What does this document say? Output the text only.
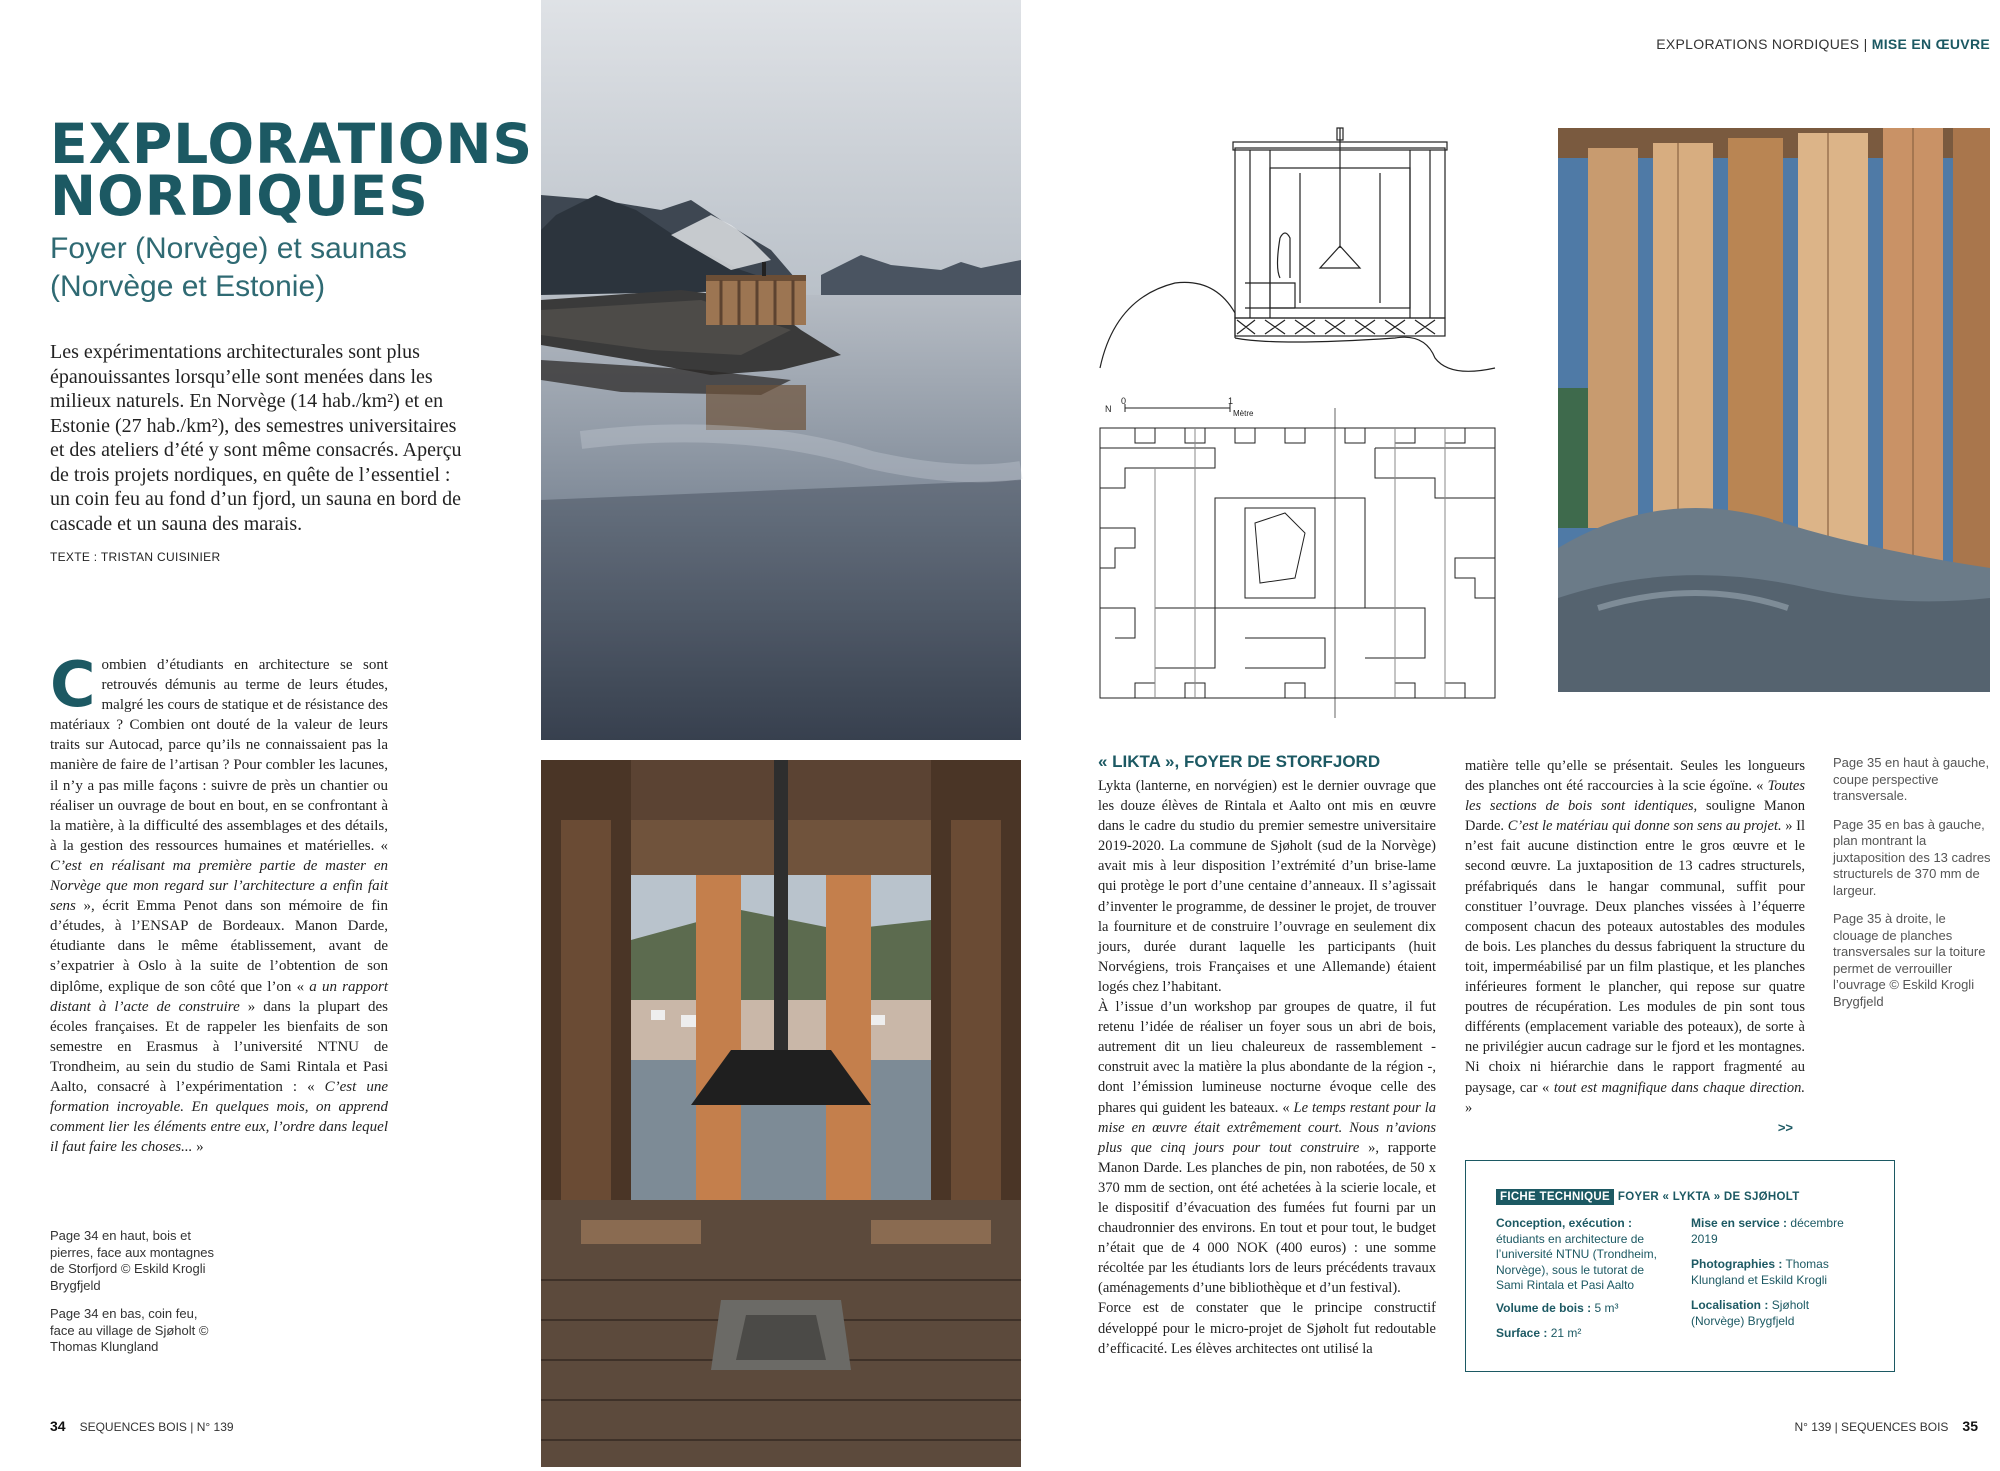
EXPLORATIONS
NORDIQUES
Foyer (Norvège) et saunas
(Norvège et Estonie)
Les expérimentations architecturales sont plus épanouissantes lorsqu’elle sont menées dans les milieux naturels. En Norvège (14 hab./km²) et en Estonie (27 hab./km²), des semestres universitaires et des ateliers d’été y sont même consacrés. Aperçu de trois projets nordiques, en quête de l’essentiel : un coin feu au fond d’un fjord, un sauna en bord de cascade et un sauna des marais.
TEXTE : TRISTAN CUISINIER
Combien d’étudiants en architecture se sont retrouvés démunis au terme de leurs études, malgré les cours de statique et de résistance des matériaux ? Combien ont douté de la valeur de leurs traits sur Autocad, parce qu’ils ne connaissaient pas la manière de faire de l’artisan ? Pour combler les lacunes, il n’y a pas mille façons : suivre de près un chantier ou réaliser un ouvrage de bout en bout, en se confrontant à la matière, à la difficulté des assemblages et des détails, à la gestion des ressources humaines et matérielles. « C’est en réalisant ma première partie de master en Norvège que mon regard sur l’architecture a enfin fait sens », écrit Emma Penot dans son mémoire de fin d’études, à l’ENSAP de Bordeaux. Manon Darde, étudiante dans le même établissement, avant de s’expatrier à Oslo à la suite de l’obtention de son diplôme, explique de son côté que l’on « a un rapport distant à l’acte de construire » dans la plupart des écoles françaises. Et de rappeler les bienfaits de son semestre en Erasmus à l’université NTNU de Trondheim, au sein du studio de Sami Rintala et Pasi Aalto, consacré à l’expérimentation : « C’est une formation incroyable. En quelques mois, on apprend comment lier les éléments entre eux, l’ordre dans lequel il faut faire les choses... »

Page 34 en haut, bois et pierres, face aux montagnes de Storfjord © Eskild Krogli Brygfjeld

Page 34 en bas, coin feu, face au village de Sjøholt © Thomas Klungland

34 SEQUENCES BOIS | N° 139
EXPLORATIONS NORDIQUES | MISE EN ŒUVRE
N
0	1
Mètre
« LIKTA », FOYER DE STORFJORD
Lykta (lanterne, en norvégien) est le dernier ouvrage que les douze élèves de Rintala et Aalto ont mis en œuvre dans le cadre du studio du premier semestre universitaire 2019-2020. La commune de Sjøholt (sud de la Norvège) avait mis à leur disposition l’extrémité d’un brise-lame qui protège le port d’une centaine d’anneaux. Il s’agissait d’inventer le programme, de dessiner le projet, de trouver la fourniture et de construire l’ouvrage en seulement dix jours, durée durant laquelle les participants (huit Norvégiens, trois Françaises et une Allemande) étaient logés chez l’habitant.
À l’issue d’un workshop par groupes de quatre, il fut retenu l’idée de réaliser un foyer sous un abri de bois, autrement dit un lieu chaleureux de rassemblement - construit avec la matière la plus abondante de la région -, dont l’émission lumineuse nocturne évoque celle des phares qui guident les bateaux. « Le temps restant pour la mise en œuvre était extrêmement court. Nous n’avions plus que cinq jours pour tout construire », rapporte Manon Darde. Les planches de pin, non rabotées, de 50 x 370 mm de section, ont été achetées à la scierie locale, et le dispositif d’évacuation des fumées fut fourni par un chaudronnier des environs. En tout et pour tout, le budget n’était que de 4 000 NOK (400 euros) : une somme récoltée par les étudiants lors de leurs précédents travaux (aménagements d’une bibliothèque et d’un festival).
Force est de constater que le principe constructif développé pour le micro-projet de Sjøholt fut redoutable d’efficacité. Les élèves architectes ont utilisé la
matière telle qu’elle se présentait. Seules les longueurs des planches ont été raccourcies à la scie égoïne. « Toutes les sections de bois sont identiques, souligne Manon Darde. C’est le matériau qui donne son sens au projet. » Il n’est fait aucune distinction entre le gros œuvre et le second œuvre. La juxtaposition de 13 cadres structurels, préfabriqués dans le hangar communal, suffit pour constituer l’ouvrage. Deux planches vissées à l’équerre composent chacun des poteaux autostables des modules de bois. Les planches du dessus fabriquent la structure du toit, imperméabilisé par un film plastique, et les planches inférieures forment le plancher, qui repose sur quatre poutres de récupération. Les modules de pin sont tous différents (emplacement variable des poteaux), de sorte à ne privilégier aucun cadrage sur le fjord et les montagnes. Ni choix ni hiérarchie dans le rapport fragmenté au paysage, car « tout est magnifique dans chaque direction. »
>>

Page 35 en haut à gauche, coupe perspective transversale.

Page 35 en bas à gauche, plan montrant la juxtaposition des 13 cadres structurels de 370 mm de largeur.

Page 35 à droite, le clouage de planches transversales sur la toiture permet de verrouiller l’ouvrage © Eskild Krogli Brygfjeld

FICHE TECHNIQUE FOYER « LYKTA » DE SJØHOLT
Conception, exécution :
étudiants en architecture de l’université NTNU (Trondheim, Norvège), sous le tutorat de Sami Rintala et Pasi Aalto
Volume de bois : 5 m³
Surface : 21 m²
Mise en service : décembre 2019
Photographies : Thomas Klungland et Eskild Krogli
Localisation : Sjøholt (Norvège) Brygfjeld
N° 139 | SEQUENCES BOIS 35
